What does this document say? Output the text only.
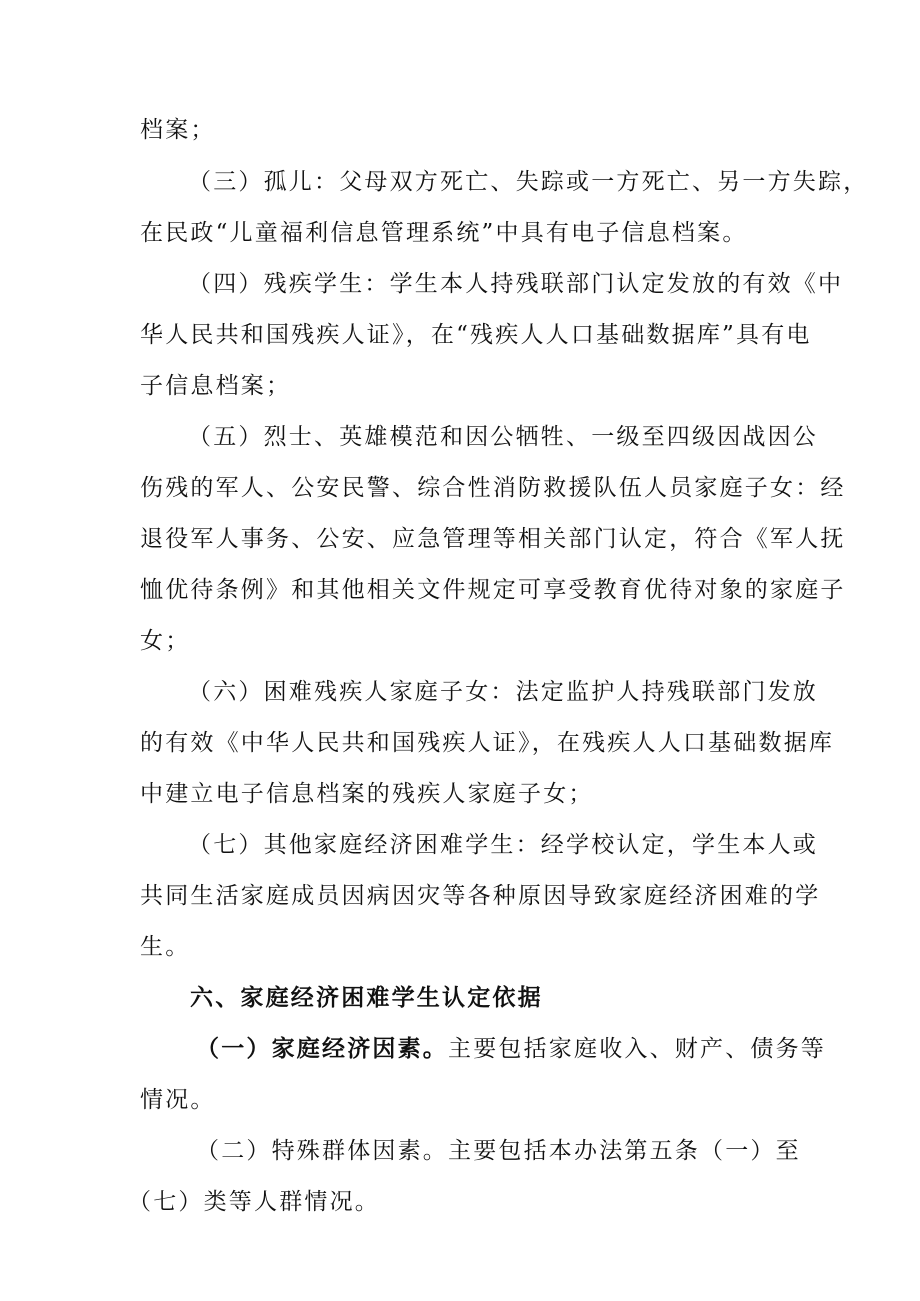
档案；
（三）孤儿：父母双方死亡、失踪或一方死亡、另一方失踪，
在民政“儿童福利信息管理系统”中具有电子信息档案。
（四）残疾学生：学生本人持残联部门认定发放的有效《中
华人民共和国残疾人证》，在“残疾人人口基础数据库”具有电
子信息档案；
（五）烈士、英雄模范和因公牺牲、一级至四级因战因公
伤残的军人、公安民警、综合性消防救援队伍人员家庭子女：经
退役军人事务、公安、应急管理等相关部门认定，符合《军人抚
恤优待条例》和其他相关文件规定可享受教育优待对象的家庭子
女；
（六）困难残疾人家庭子女：法定监护人持残联部门发放
的有效《中华人民共和国残疾人证》，在残疾人人口基础数据库
中建立电子信息档案的残疾人家庭子女；
（七）其他家庭经济困难学生：经学校认定，学生本人或
共同生活家庭成员因病因灾等各种原因导致家庭经济困难的学
生。
六、家庭经济困难学生认定依据
（一）家庭经济因素。主要包括家庭收入、财产、债务等
情况。
（二）特殊群体因素。主要包括本办法第五条（一）至
（七）类等人群情况。
